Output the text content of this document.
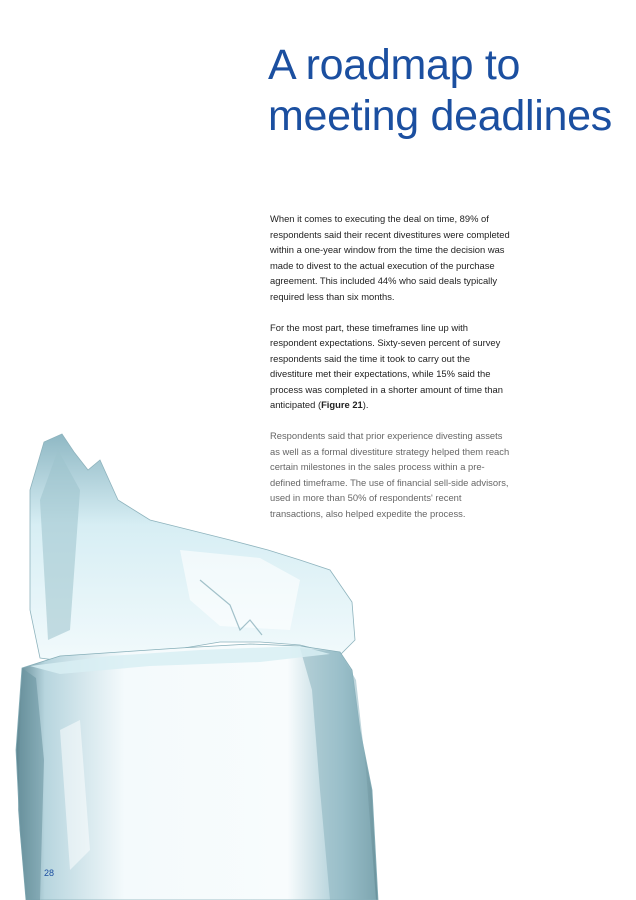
A roadmap to
meeting deadlines

When it comes to executing the deal on time, 89% of respondents said their recent divestitures were completed within a one-year window from the time the decision was made to divest to the actual execution of the purchase agreement. This included 44% who said deals typically required less than six months.

For the most part, these timeframes line up with respondent expectations. Sixty-seven percent of survey respondents said the time it took to carry out the divestiture met their expectations, while 15% said the process was completed in a shorter amount of time than anticipated (Figure 21).

Respondents said that prior experience divesting assets as well as a formal divestiture strategy helped them reach certain milestones in the sales process within a pre-defined timeframe. The use of financial sell-side advisors, used in more than 50% of respondents' recent transactions, also helped expedite the process.

28
